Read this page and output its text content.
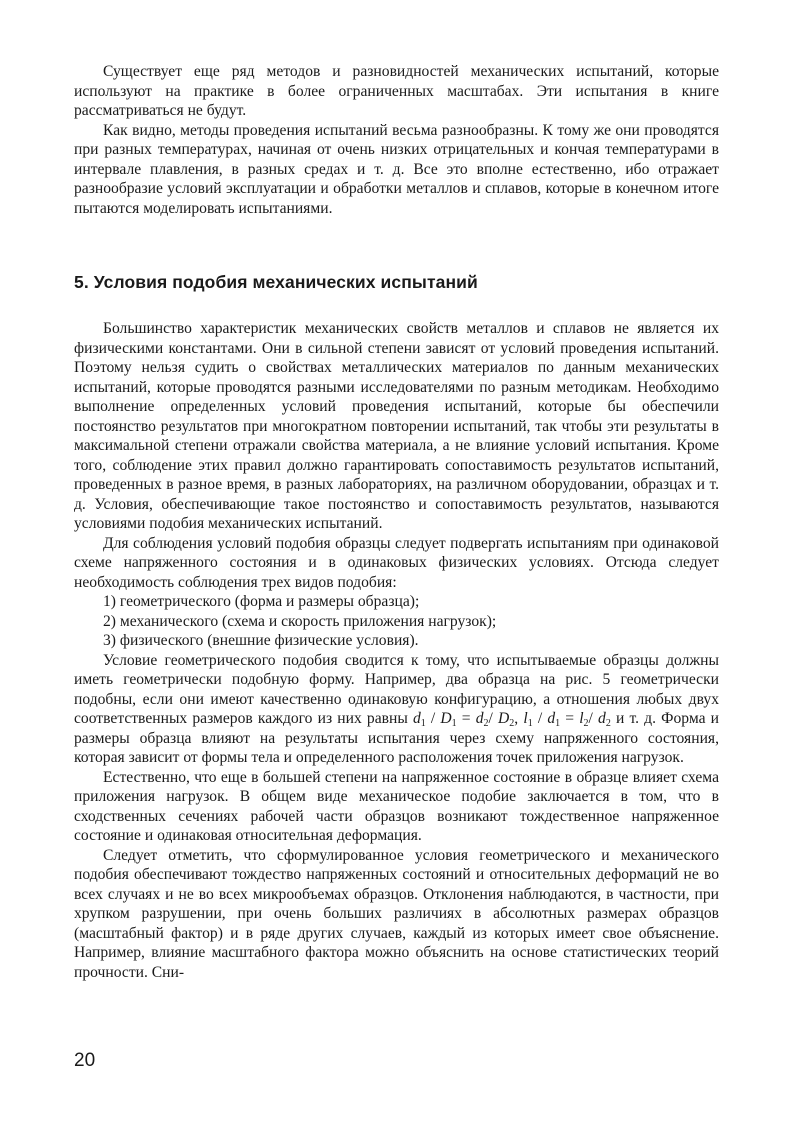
Существует еще ряд методов и разновидностей механических испытаний, которые используют на практике в более ограниченных масштабах. Эти испытания в книге рассматриваться не будут.

Как видно, методы проведения испытаний весьма разнообразны. К тому же они проводятся при разных температурах, начиная от очень низких отрицательных и кончая температурами в интервале плавления, в разных средах и т. д. Все это вполне естественно, ибо отражает разнообразие условий эксплуатации и обработки металлов и сплавов, которые в конечном итоге пытаются моделировать испытаниями.

5. Условия подобия механических испытаний

Большинство характеристик механических свойств металлов и сплавов не является их физическими константами. Они в сильной степени зависят от условий проведения испытаний. Поэтому нельзя судить о свойствах металлических материалов по данным механических испытаний, которые проводятся разными исследователями по разным методикам. Необходимо выполнение определенных условий проведения испытаний, которые бы обеспечили постоянство результатов при многократном повторении испытаний, так чтобы эти результаты в максимальной степени отражали свойства материала, а не влияние условий испытания. Кроме того, соблюдение этих правил должно гарантировать сопоставимость результатов испытаний, проведенных в разное время, в разных лабораториях, на различном оборудовании, образцах и т. д. Условия, обеспечивающие такое постоянство и сопоставимость результатов, называются условиями подобия механических испытаний.

Для соблюдения условий подобия образцы следует подвергать испытаниям при одинаковой схеме напряженного состояния и в одинаковых физических условиях. Отсюда следует необходимость соблюдения трех видов подобия:

1) геометрического (форма и размеры образца);

2) механического (схема и скорость приложения нагрузок);

3) физического (внешние физические условия).

Условие геометрического подобия сводится к тому, что испытываемые образцы должны иметь геометрически подобную форму. Например, два образца на рис. 5 геометрически подобны, если они имеют качественно одинаковую конфигурацию, а отношения любых двух соответственных размеров каждого из них равны $d_1 / D_1 = d_2/$ $D_2$, $l_1 / d_1 = l_2/$ $d_2$ и т. д. Форма и размеры образца влияют на результаты испытания через схему напряженного состояния, которая зависит от формы тела и определенного расположения точек приложения нагрузок.

Естественно, что еще в большей степени на напряженное состояние в образце влияет схема приложения нагрузок. В общем виде механическое подобие заключается в том, что в сходственных сечениях рабочей части образцов возникают тождественное напряженное состояние и одинаковая относительная деформация.

Следует отметить, что сформулированное условия геометрического и механического подобия обеспечивают тождество напряженных состояний и относительных деформаций не во всех случаях и не во всех микрообъемах образцов. Отклонения наблюдаются, в частности, при хрупком разрушении, при очень больших различиях в абсолютных размерах образцов (масштабный фактор) и в ряде других случаев, каждый из которых имеет свое объяснение. Например, влияние масштабного фактора можно объяснить на основе статистических теорий прочности. Сни-

20
